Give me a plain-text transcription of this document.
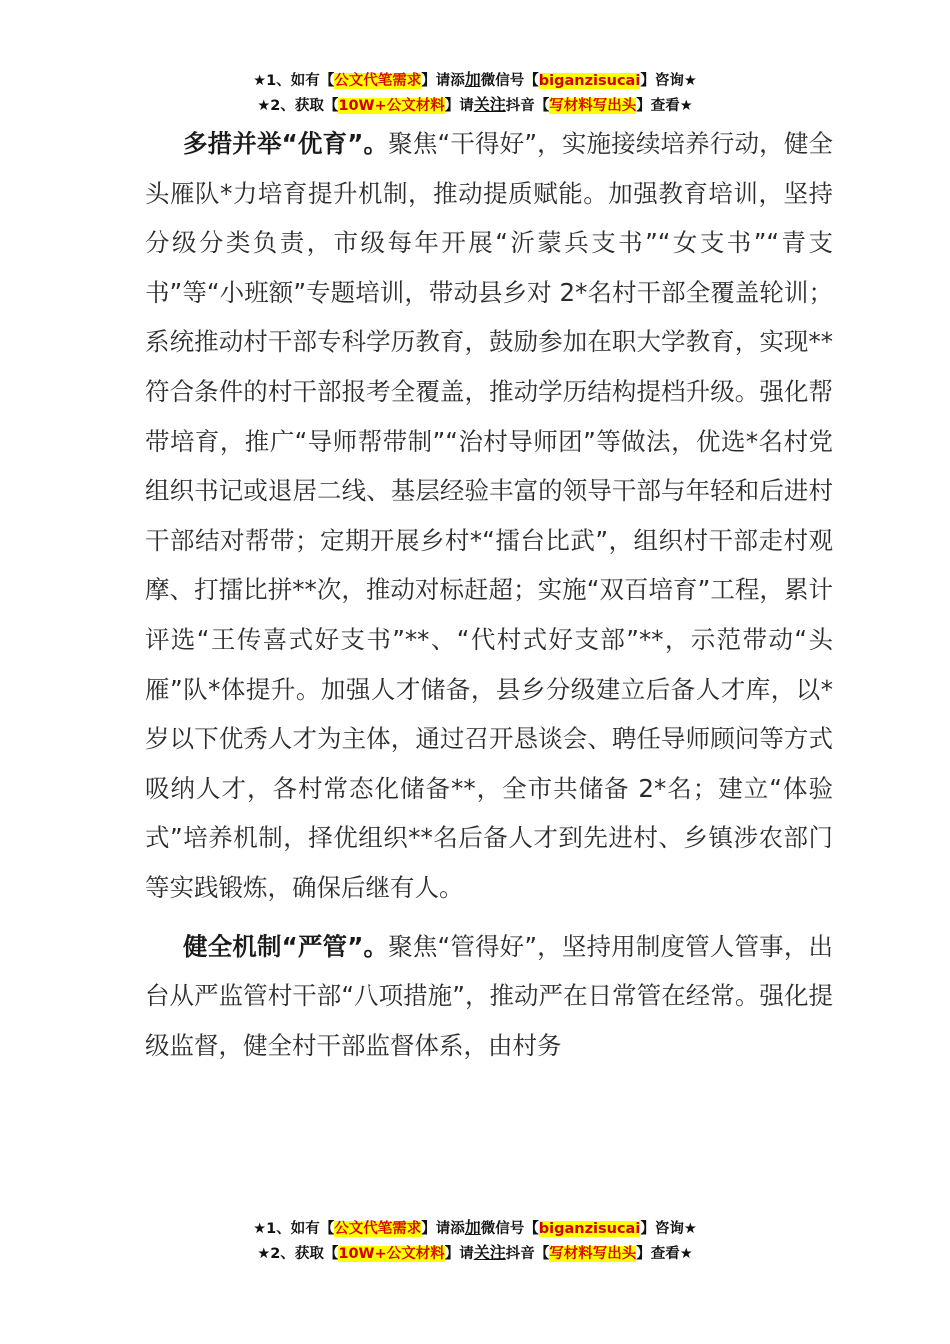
★1、如有【公文代笔需求】请添加微信号【biganzisucai】咨询★
★2、获取【10W+公文材料】请关注抖音【写材料写出头】查看★

多措并举“优育”。聚焦“干得好”，实施接续培养行动，健全头雁队*力培育提升机制，推动提质赋能。加强教育培训，坚持分级分类负责，市级每年开展“沂蒙兵支书”“女支书”“青支书”等“小班额”专题培训，带动县乡对 2*名村干部全覆盖轮训；系统推动村干部专科学历教育，鼓励参加在职大学教育，实现**符合条件的村干部报考全覆盖，推动学历结构提档升级。强化帮带培育，推广“导师帮带制”“治村导师团”等做法，优选*名村党组织书记或退居二线、基层经验丰富的领导干部与年轻和后进村干部结对帮带；定期开展乡村*“擂台比武”，组织村干部走村观摩、打擂比拼**次，推动对标赶超；实施“双百培育”工程，累计评选“王传喜式好支书”**、“代村式好支部”**，示范带动“头雁”队*体提升。加强人才储备，县乡分级建立后备人才库，以*岁以下优秀人才为主体，通过召开恳谈会、聘任导师顾问等方式吸纳人才，各村常态化储备**，全市共储备 2*名；建立“体验式”培养机制，择优组织**名后备人才到先进村、乡镇涉农部门等实践锻炼，确保后继有人。

健全机制“严管”。聚焦“管得好”，坚持用制度管人管事，出台从严监管村干部“八项措施”，推动严在日常管在经常。强化提级监督，健全村干部监督体系，由村务

★1、如有【公文代笔需求】请添加微信号【biganzisucai】咨询★
★2、获取【10W+公文材料】请关注抖音【写材料写出头】查看★
